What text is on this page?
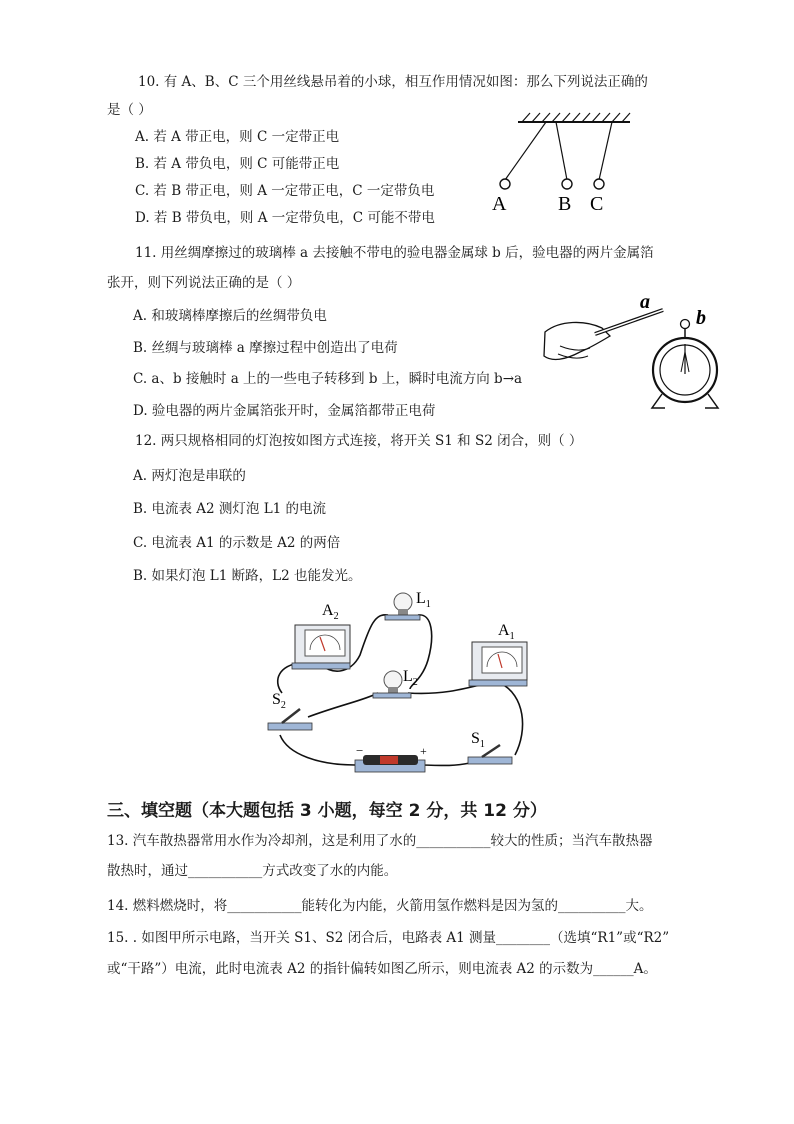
10. 有 A、B、C 三个用丝线悬吊着的小球，相互作用情况如图：那么下列说法正确的
是（ ）
A. 若 A 带正电，则 C 一定带正电
B. 若 A 带负电，则 C 可能带正电
C. 若 B 带正电，则 A 一定带正电，C 一定带负电
D. 若 B 带负电，则 A 一定带负电，C 可能不带电
A	B C
11. 用丝绸摩擦过的玻璃棒 a 去接触不带电的验电器金属球 b 后，验电器的两片金属箔
张开，则下列说法正确的是（ ）
A. 和玻璃棒摩擦后的丝绸带负电
B. 丝绸与玻璃棒 a 摩擦过程中创造出了电荷
C. a、b 接触时 a 上的一些电子转移到 b 上，瞬时电流方向 b→a
D. 验电器的两片金属箔张开时，金属箔都带正电荷
a
b
12. 两只规格相同的灯泡按如图方式连接，将开关 S1 和 S2 闭合，则（ ）
A. 两灯泡是串联的
B. 电流表 A2 测灯泡 L1 的电流
C. 电流表 A1 的示数是 A2 的两倍
B. 如果灯泡 L1 断路，L2 也能发光。
$A_2$
$L_1$
$L_2$
$A_1$
$S_2$
$S_1$
−	+
三、填空题（本大题包括 3 小题，每空 2 分，共 12 分）
13. 汽车散热器常用水作为冷却剂，这是利用了水的___________较大的性质；当汽车散热器
散热时，通过___________方式改变了水的内能。
14. 燃料燃烧时，将___________能转化为内能，火箭用氢作燃料是因为氢的__________大。
15. . 如图甲所示电路，当开关 S1、S2 闭合后，电路表 A1 测量________（选填“R1”或“R2”
或“干路”）电流，此时电流表 A2 的指针偏转如图乙所示，则电流表 A2 的示数为______A。
